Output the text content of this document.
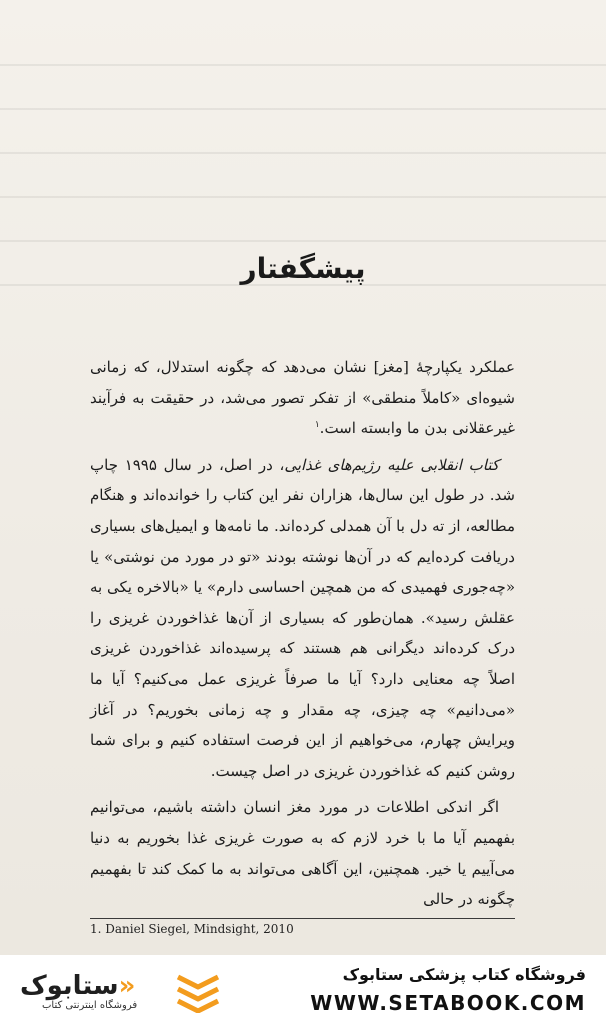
پیشگفتار

عملکرد یکپارچهٔ [مغز] نشان می‌دهد که چگونه استدلال، که زمانی شیوه‌ای «کاملاً منطقی» از تفکر تصور می‌شد، در حقیقت به فرآیند غیرعقلانی بدن ما وابسته است.$^۱$

کتاب انقلابی علیه رژیم‌های غذایی، در اصل، در سال ۱۹۹۵ چاپ شد. در طول این سال‌ها، هزاران نفر این کتاب را خوانده‌اند و هنگام مطالعه، از ته دل با آن همدلی کرده‌اند. ما نامه‌ها و ایمیل‌های بسیاری دریافت کرده‌ایم که در آن‌ها نوشته بودند «تو در مورد من نوشتی» یا «چه‌جوری فهمیدی که من همچین احساسی دارم» یا «بالاخره یکی به عقلش رسید». همان‌طور که بسیاری از آن‌ها غذاخوردن غریزی را درک کرده‌اند دیگرانی هم هستند که پرسیده‌اند غذاخوردن غریزی اصلاً چه معنایی دارد؟ آیا ما صرفاً غریزی عمل می‌کنیم؟ آیا ما «می‌دانیم» چه چیزی، چه مقدار و چه زمانی بخوریم؟ در آغاز ویرایش چهارم، می‌خواهیم از این فرصت استفاده کنیم و برای شما روشن کنیم که غذاخوردن غریزی در اصل چیست.

اگر اندکی اطلاعات در مورد مغز انسان داشته باشیم، می‌توانیم بفهمیم آیا ما با خرد لازم که به صورت غریزی غذا بخوریم به دنیا می‌آییم یا خیر. همچنین، این آگاهی می‌تواند به ما کمک کند تا بفهمیم چگونه در حالی

1. Daniel Siegel, Mindsight, 2010
«ستابوک
فروشگاه اینترنتی کتاب
فروشگاه کتاب پزشکی ستابوک
WWW.SETABOOK.COM
